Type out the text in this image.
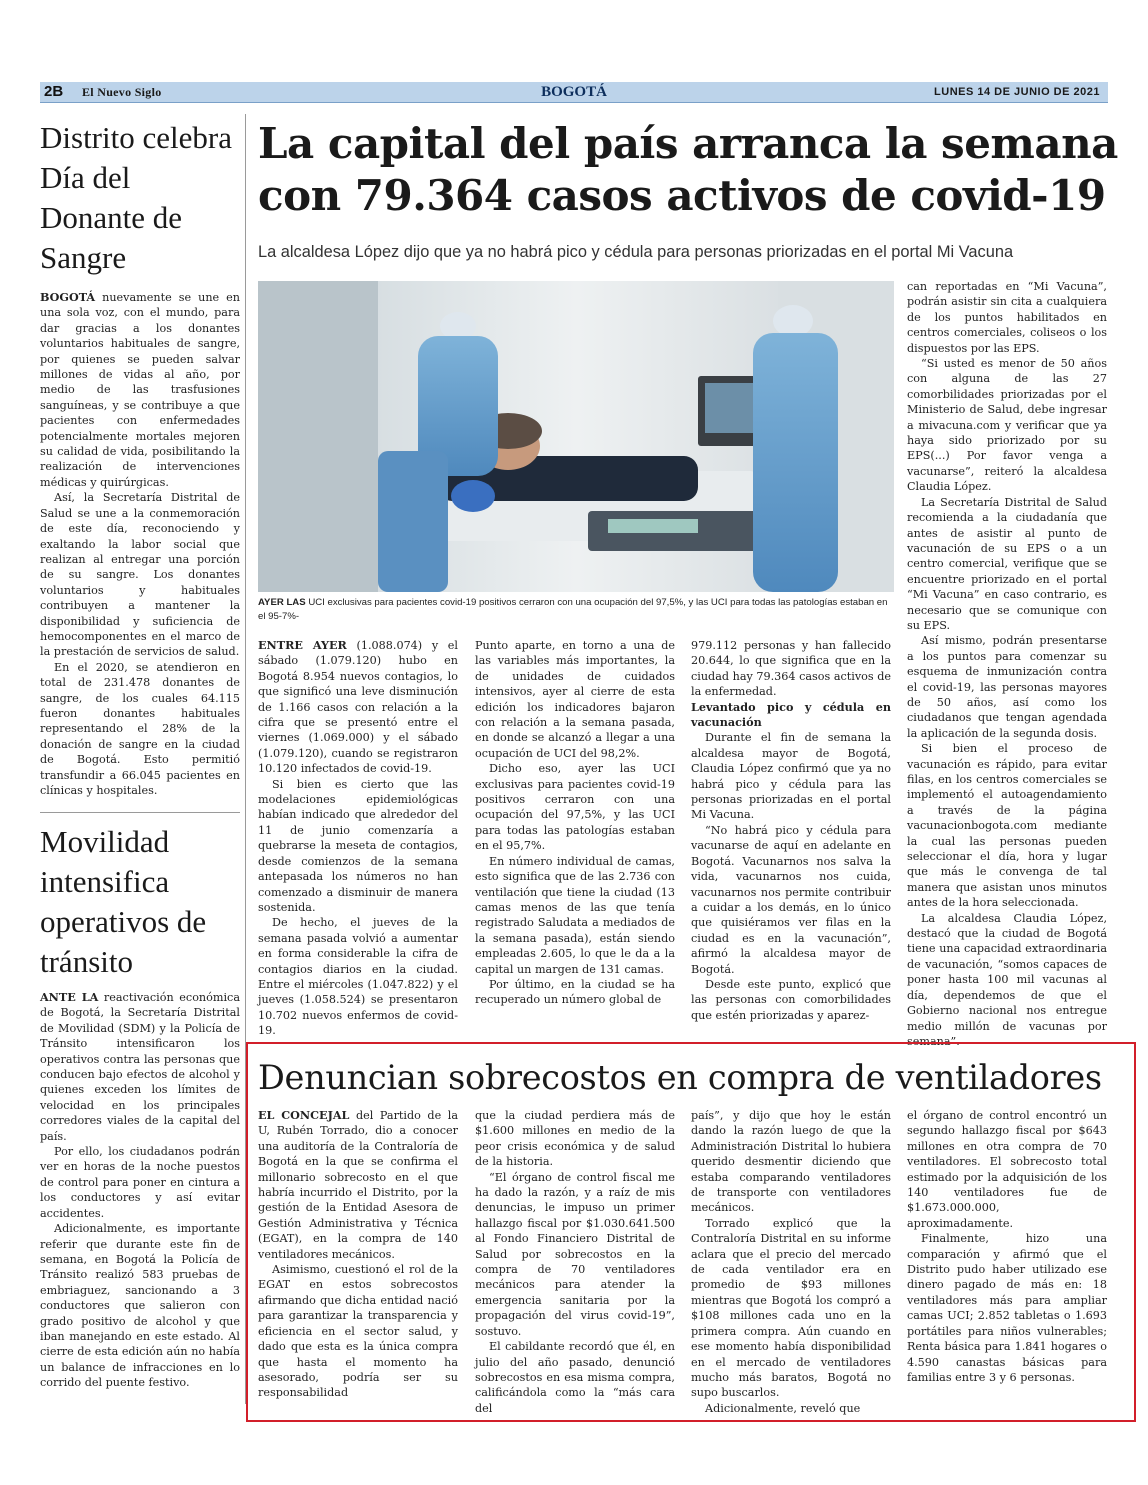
2B El Nuevo Siglo	BOGOTÁ	LUNES 14 DE JUNIO DE 2021
Distrito celebra Día del Donante de Sangre

BOGOTÁ nuevamente se une en una sola voz, con el mundo, para dar gracias a los donantes voluntarios habituales de sangre, por quienes se pueden salvar millones de vidas al año, por medio de las trasfusiones sanguíneas, y se contribuye a que pacientes con enfermedades potencialmente mortales mejoren su calidad de vida, posibilitando la realización de intervenciones médicas y quirúrgicas.

Así, la Secretaría Distrital de Salud se une a la conmemoración de este día, reconociendo y exaltando la labor social que realizan al entregar una porción de su sangre. Los donantes voluntarios y habituales contribuyen a mantener la disponibilidad y suficiencia de hemocomponentes en el marco de la prestación de servicios de salud.

En el 2020, se atendieron en total de 231.478 donantes de sangre, de los cuales 64.115 fueron donantes habituales representando el 28% de la donación de sangre en la ciudad de Bogotá. Esto permitió transfundir a 66.045 pacientes en clínicas y hospitales.

Movilidad intensifica operativos de tránsito

ANTE LA reactivación económica de Bogotá, la Secretaría Distrital de Movilidad (SDM) y la Policía de Tránsito intensificaron los operativos contra las personas que conducen bajo efectos de alcohol y quienes exceden los límites de velocidad en los principales corredores viales de la capital del país.

Por ello, los ciudadanos podrán ver en horas de la noche puestos de control para poner en cintura a los conductores y así evitar accidentes.

Adicionalmente, es importante referir que durante este fin de semana, en Bogotá la Policía de Tránsito realizó 583 pruebas de embriaguez, sancionando a 3 conductores que salieron con grado positivo de alcohol y que iban manejando en este estado. Al cierre de esta edición aún no había un balance de infracciones en lo corrido del puente festivo.

La capital del país arranca la semana con 79.364 casos activos de covid-19

La alcaldesa López dijo que ya no habrá pico y cédula para personas priorizadas en el portal Mi Vacuna

AYER LAS UCI exclusivas para pacientes covid-19 positivos cerraron con una ocupación del 97,5%, y las UCI para todas las patologías estaban en el 95-7%-

ENTRE AYER (1.088.074) y el sábado (1.079.120) hubo en Bogotá 8.954 nuevos contagios, lo que significó una leve disminución de 1.166 casos con relación a la cifra que se presentó entre el viernes (1.069.000) y el sábado (1.079.120), cuando se registraron 10.120 infectados de covid-19.

Si bien es cierto que las modelaciones epidemiológicas habían indicado que alrededor del 11 de junio comenzaría a quebrarse la meseta de contagios, desde comienzos de la semana antepasada los números no han comenzado a disminuir de manera sostenida.

De hecho, el jueves de la semana pasada volvió a aumentar en forma considerable la cifra de contagios diarios en la ciudad. Entre el miércoles (1.047.822) y el jueves (1.058.524) se presentaron 10.702 nuevos enfermos de covid-19.

Punto aparte, en torno a una de las variables más importantes, la de unidades de cuidados intensivos, ayer al cierre de esta edición los indicadores bajaron con relación a la semana pasada, en donde se alcanzó a llegar a una ocupación de UCI del 98,2%.

Dicho eso, ayer las UCI exclusivas para pacientes covid-19 positivos cerraron con una ocupación del 97,5%, y las UCI para todas las patologías estaban en el 95,7%.

En número individual de camas, esto significa que de las 2.736 con ventilación que tiene la ciudad (13 camas menos de las que tenía registrado Saludata a mediados de la semana pasada), están siendo empleadas 2.605, lo que le da a la capital un margen de 131 camas.

Por último, en la ciudad se ha recuperado un número global de

979.112 personas y han fallecido 20.644, lo que significa que en la ciudad hay 79.364 casos activos de la enfermedad.

Levantado pico y cédula en vacunación

Durante el fin de semana la alcaldesa mayor de Bogotá, Claudia López confirmó que ya no habrá pico y cédula para las personas priorizadas en el portal Mi Vacuna.

“No habrá pico y cédula para vacunarse de aquí en adelante en Bogotá. Vacunarnos nos salva la vida, vacunarnos nos cuida, vacunarnos nos permite contribuir a cuidar a los demás, en lo único que quisiéramos ver filas en la ciudad es en la vacunación”, afirmó la alcaldesa mayor de Bogotá.

Desde este punto, explicó que las personas con comorbilidades que estén priorizadas y aparez-

can reportadas en “Mi Vacuna”, podrán asistir sin cita a cualquiera de los puntos habilitados en centros comerciales, coliseos o los dispuestos por las EPS.

“Si usted es menor de 50 años con alguna de las 27 comorbilidades priorizadas por el Ministerio de Salud, debe ingresar a mivacuna.com y verificar que ya haya sido priorizado por su EPS(...) Por favor venga a vacunarse”, reiteró la alcaldesa Claudia López.

La Secretaría Distrital de Salud recomienda a la ciudadanía que antes de asistir al punto de vacunación de su EPS o a un centro comercial, verifique que se encuentre priorizado en el portal “Mi Vacuna” en caso contrario, es necesario que se comunique con su EPS.

Así mismo, podrán presentarse a los puntos para comenzar su esquema de inmunización contra el covid-19, las personas mayores de 50 años, así como los ciudadanos que tengan agendada la aplicación de la segunda dosis.

Si bien el proceso de vacunación es rápido, para evitar filas, en los centros comerciales se implementó el autoagendamiento a través de la página vacunacionbogota.com mediante la cual las personas pueden seleccionar el día, hora y lugar que más le convenga de tal manera que asistan unos minutos antes de la hora seleccionada.

La alcaldesa Claudia López, destacó que la ciudad de Bogotá tiene una capacidad extraordinaria de vacunación, “somos capaces de poner hasta 100 mil vacunas al día, dependemos de que el Gobierno nacional nos entregue medio millón de vacunas por semana”.

Denuncian sobrecostos en compra de ventiladores

EL CONCEJAL del Partido de la U, Rubén Torrado, dio a conocer una auditoría de la Contraloría de Bogotá en la que se confirma el millonario sobrecosto en el que habría incurrido el Distrito, por la gestión de la Entidad Asesora de Gestión Administrativa y Técnica (EGAT), en la compra de 140 ventiladores mecánicos.

Asimismo, cuestionó el rol de la EGAT en estos sobrecostos afirmando que dicha entidad nació para garantizar la transparencia y eficiencia en el sector salud, y dado que esta es la única compra que hasta el momento ha asesorado, podría ser su responsabilidad

que la ciudad perdiera más de $1.600 millones en medio de la peor crisis económica y de salud de la historia.

“El órgano de control fiscal me ha dado la razón, y a raíz de mis denuncias, le impuso un primer hallazgo fiscal por $1.030.641.500 al Fondo Financiero Distrital de Salud por sobrecostos en la compra de 70 ventiladores mecánicos para atender la emergencia sanitaria por la propagación del virus covid-19”, sostuvo.

El cabildante recordó que él, en julio del año pasado, denunció sobrecostos en esa misma compra, calificándola como la “más cara del

país”, y dijo que hoy le están dando la razón luego de que la Administración Distrital lo hubiera querido desmentir diciendo que estaba comparando ventiladores de transporte con ventiladores mecánicos.

Torrado explicó que la Contraloría Distrital en su informe aclara que el precio del mercado de cada ventilador era en promedio de $93 millones mientras que Bogotá los compró a $108 millones cada uno en la primera compra. Aún cuando en ese momento había disponibilidad en el mercado de ventiladores mucho más baratos, Bogotá no supo buscarlos.

Adicionalmente, reveló que

el órgano de control encontró un segundo hallazgo fiscal por $643 millones en otra compra de 70 ventiladores. El sobrecosto total estimado por la adquisición de los 140 ventiladores fue de $1.673.000.000, aproximadamente.

Finalmente, hizo una comparación y afirmó que el Distrito pudo haber utilizado ese dinero pagado de más en: 18 ventiladores más para ampliar camas UCI; 2.852 tabletas o 1.693 portátiles para niños vulnerables; Renta básica para 1.841 hogares o 4.590 canastas básicas para familias entre 3 y 6 personas.
